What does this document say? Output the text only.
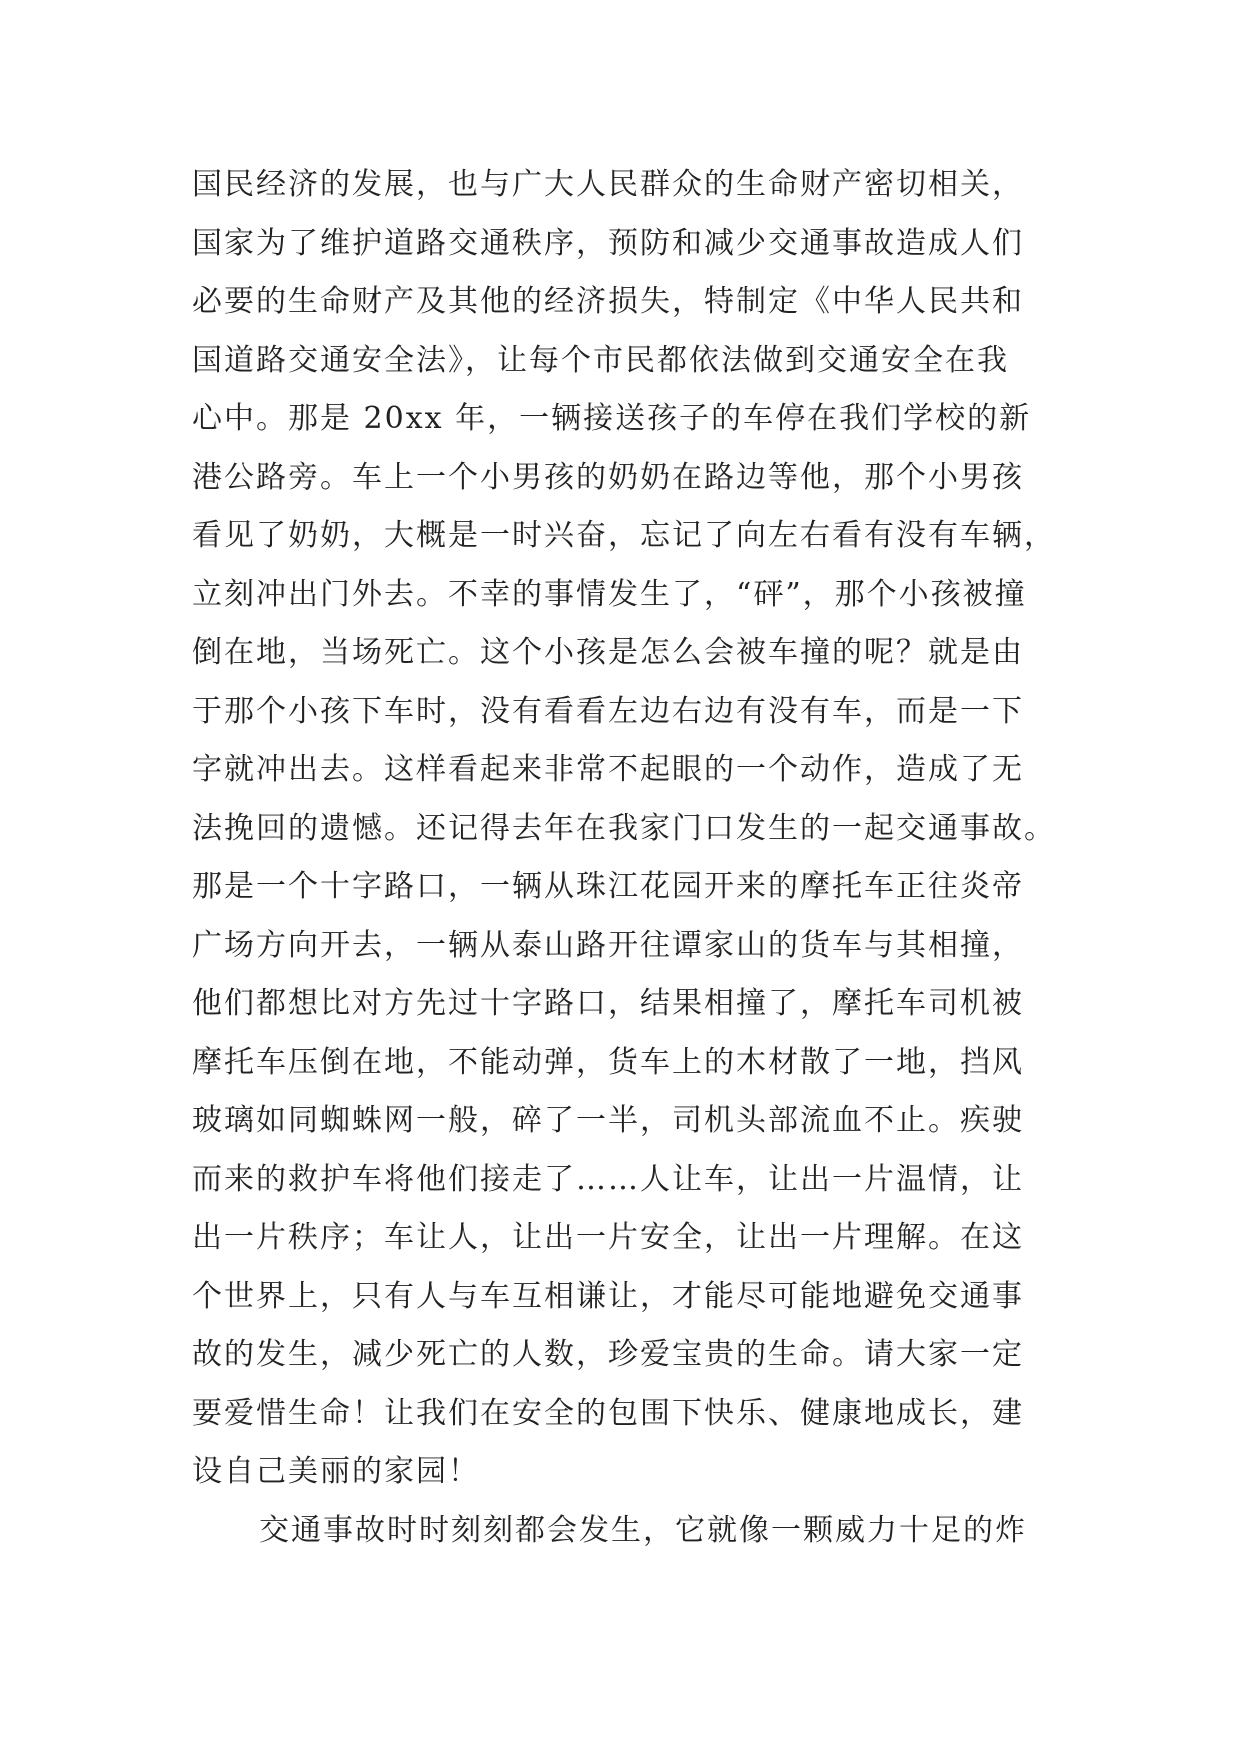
国民经济的发展，也与广大人民群众的生命财产密切相关，
国家为了维护道路交通秩序，预防和减少交通事故造成人们
必要的生命财产及其他的经济损失，特制定《中华人民共和
国道路交通安全法》，让每个市民都依法做到交通安全在我
心中。那是 20xx 年，一辆接送孩子的车停在我们学校的新
港公路旁。车上一个小男孩的奶奶在路边等他，那个小男孩
看见了奶奶，大概是一时兴奋，忘记了向左右看有没有车辆，
立刻冲出门外去。不幸的事情发生了，“砰”，那个小孩被撞
倒在地，当场死亡。这个小孩是怎么会被车撞的呢？就是由
于那个小孩下车时，没有看看左边右边有没有车，而是一下
字就冲出去。这样看起来非常不起眼的一个动作，造成了无
法挽回的遗憾。还记得去年在我家门口发生的一起交通事故。
那是一个十字路口，一辆从珠江花园开来的摩托车正往炎帝
广场方向开去，一辆从泰山路开往谭家山的货车与其相撞，
他们都想比对方先过十字路口，结果相撞了，摩托车司机被
摩托车压倒在地，不能动弹，货车上的木材散了一地，挡风
玻璃如同蜘蛛网一般，碎了一半，司机头部流血不止。疾驶
而来的救护车将他们接走了……人让车，让出一片温情，让
出一片秩序；车让人，让出一片安全，让出一片理解。在这
个世界上，只有人与车互相谦让，才能尽可能地避免交通事
故的发生，减少死亡的人数，珍爱宝贵的生命。请大家一定
要爱惜生命！让我们在安全的包围下快乐、健康地成长，建
设自己美丽的家园！
交通事故时时刻刻都会发生，它就像一颗威力十足的炸
